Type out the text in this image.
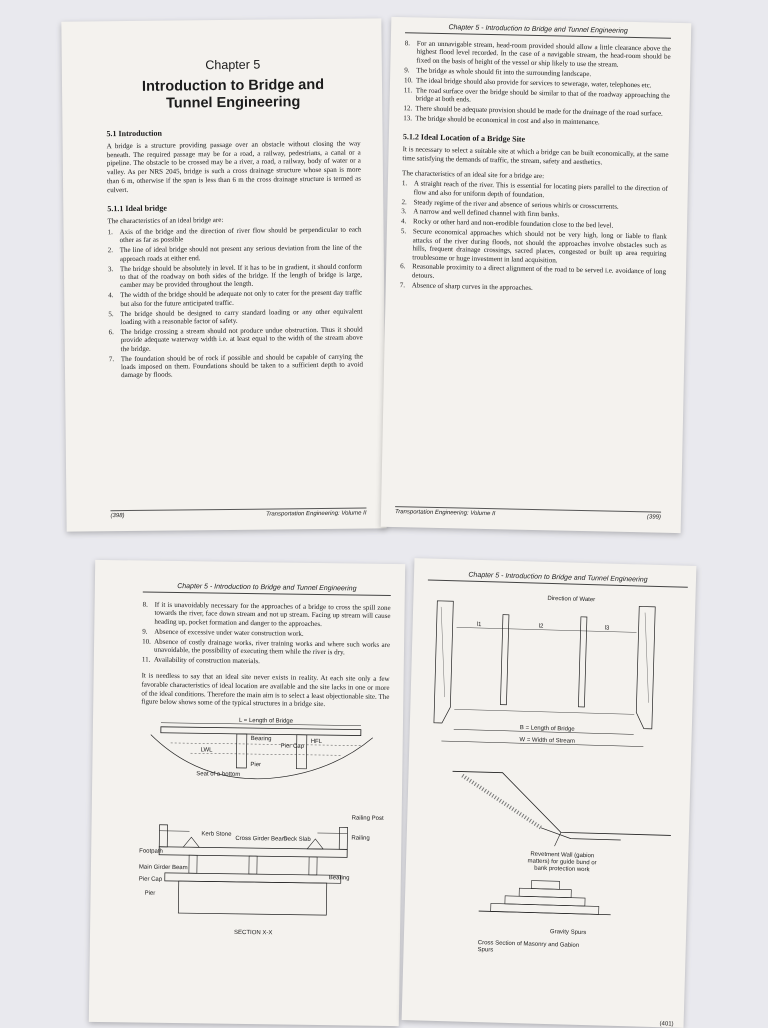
Chapter 5
Introduction to Bridge and Tunnel Engineering
5.1 Introduction

A bridge is a structure providing passage over an obstacle without closing the way beneath. The required passage may be for a road, a railway, pedestrians, a canal or a pipeline. The obstacle to be crossed may be a river, a road, a railway, body of water or a valley. As per NRS 2045, bridge is such a cross drainage structure whose span is more than 6 m, otherwise if the span is less than 6 m the cross drainage structure is termed as culvert.

5.1.1 Ideal bridge

The characteristics of an ideal bridge are:

1. Axis of the bridge and the direction of river flow should be perpendicular to each other as far as possible
2. The line of ideal bridge should not present any serious deviation from the line of the approach roads at either end.
3. The bridge should be absolutely in level. If it has to be in gradient, it should conform to that of the roadway on both sides of the bridge. If the length of bridge is large, camber may be provided throughout the length.
4. The width of the bridge should be adequate not only to cater for the present day traffic but also for the future anticipated traffic.
5. The bridge should be designed to carry standard loading or any other equivalent loading with a reasonable factor of safety.
6. The bridge crossing a stream should not produce undue obstruction. Thus it should provide adequate waterway width i.e. at least equal to the width of the stream above the bridge.
7. The foundation should be of rock if possible and should be capable of carrying the loads imposed on them. Foundations should be taken to a sufficient depth to avoid damage by floods.
(398)	Transportation Engineering: Volume II
Chapter 5 - Introduction to Bridge and Tunnel Engineering
8. For an unnavigable stream, head-room provided should allow a little clearance above the highest flood level recorded. In the case of a navigable stream, the head-room should be fixed on the basis of height of the vessel or ship likely to use the stream.
9. The bridge as whole should fit into the surrounding landscape.
10. The ideal bridge should also provide for services to sewerage, water, telephones etc.
11. The road surface over the bridge should be similar to that of the roadway approaching the bridge at both ends.
12. There should be adequate provision should be made for the drainage of the road surface.
13. The bridge should be economical in cost and also in maintenance.
5.1.2 Ideal Location of a Bridge Site

It is necessary to select a suitable site at which a bridge can be built economically, at the same time satisfying the demands of traffic, the stream, safety and aesthetics.

The characteristics of an ideal site for a bridge are:

1. A straight reach of the river. This is essential for locating piers parallel to the direction of flow and also for uniform depth of foundation.
2. Steady regime of the river and absence of serious whirls or crosscurrents.
3. A narrow and well defined channel with firm banks.
4. Rocky or other hard and non-erodible foundation close to the bed level.
5. Secure economical approaches which should not be very high, long or liable to flank attacks of the river during floods, not should the approaches involve obstacles such as hills, frequent drainage crossings, sacred places, congested or built up area requiring troublesome or huge investment in land acquisition.
6. Reasonable proximity to a direct alignment of the road to be served i.e. avoidance of long detours.
7. Absence of sharp curves in the approaches.
Transportation Engineering: Volume II
(399)
Chapter 5 - Introduction to Bridge and Tunnel Engineering
8. If it is unavoidably necessary for the approaches of a bridge to cross the spill zone towards the river, face down stream and not up stream. Facing up stream will cause heading up, pocket formation and danger to the approaches.
9. Absence of excessive under water construction work.
10. Absence of costly drainage works, river training works and where such works are unavoidable, the possibility of executing them while the river is dry.
11. Availability of construction materials.

It is needless to say that an ideal site never exists in reality. At each site only a few favorable characteristics of ideal location are available and the site lacks in one or more of the ideal conditions. Therefore the main aim is to select a least objectionable site. The figure below shows some of the typical structures in a bridge site.

L = Length of Bridge
HFL
LWL
Bearing
Pier Cap
Pier
Seat of a bottom
Railing Post
Railing
Kerb Stone
Cross Girder Beam
Deck Slab
Footpath
Main Girder Beam
Bearing
Pier Cap
Pier
SECTION X-X
Chapter 5 - Introduction to Bridge and Tunnel Engineering
Direction of Water
l1	l2	l3
B = Length of Bridge
W = Width of Stream
Revetment Wall (gabion matters) for guide bund or bank protection work
Gravity Spurs
Cross Section of Masonry and Gabion Spurs
(401)
